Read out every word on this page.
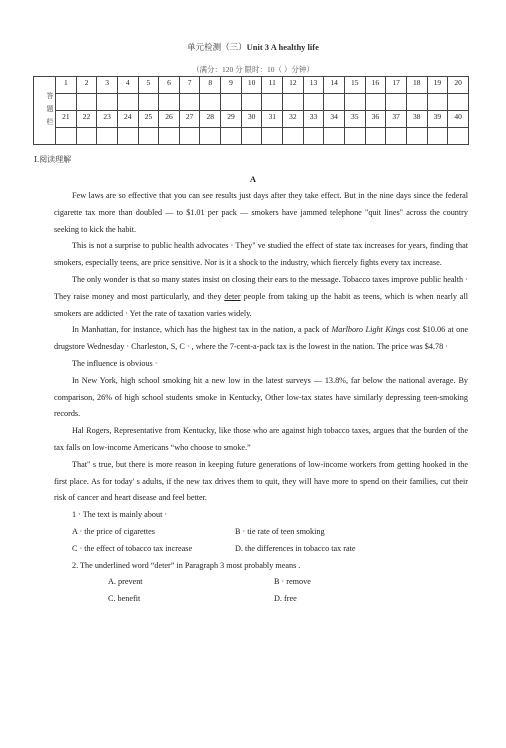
单元检测（三）Unit 3 A healthy life
（满分：120 分 限时：10（ ）分钟）
答题栏	1	2	3	4	5	6	7	8	9	10	11	12	13	14	15	16	17	18	19	20

	21	22	23	24	25	26	27	28	29	30	31	32	33	34	35	36	37	38	39	40

Ⅰ.阅读理解
A

Few laws are so effective that you can see results just days after they take effect. But in the nine days since the federal cigarette tax more than doubled — to $1.01 per pack — smokers have jammed telephone "quit lines" across the country seeking to kick the habit.

This is not a surprise to public health advocates · They" ve studied the effect of state tax increases for years, finding that smokers, especially teens, are price sensitive. Nor is it a shock to the industry, which fiercely fights every tax increase.

The only wonder is that so many states insist on closing their ears to the message. Tobacco taxes improve public health · They raise money and most particularly, and they deter people from taking up the habit as teens, which is when nearly all smokers are addicted · Yet the rate of taxation varies widely.

In Manhattan, for instance, which has the highest tax in the nation, a pack of Marlboro Light Kings cost $10.06 at one drugstore Wednesday · Charleston, S, C · , where the 7-cent-a-pack tax is the lowest in the nation. The price was $4.78 ·

The influence is obvious ·

In New York, high school smoking hit a new low in the latest surveys — 13.8%, far below the national average. By comparison, 26% of high school students smoke in Kentucky, Other low-tax states have similarly depressing teen-smoking records.

Hal Rogers, Representative from Kentucky, like those who are against high tobacco taxes, argues that the burden of the tax falls on low-income Americans “who choose to smoke.”

That" s true, but there is more reason in keeping future generations of low-income workers from getting hooked in the first place. As for today' s adults, if the new tax drives them to quit, they will have more to spend on their families, cut their risk of cancer and heart disease and feel better.

1 · The text is mainly about ·

A · the price of cigarettes	B · tie rate of teen smoking
C · the effect of tobacco tax increase	D. the differences in tobacco tax rate

2. The underlined word “deter” in Paragraph 3 most probably means .

A. prevent	B · remove
C. benefit	D. free
